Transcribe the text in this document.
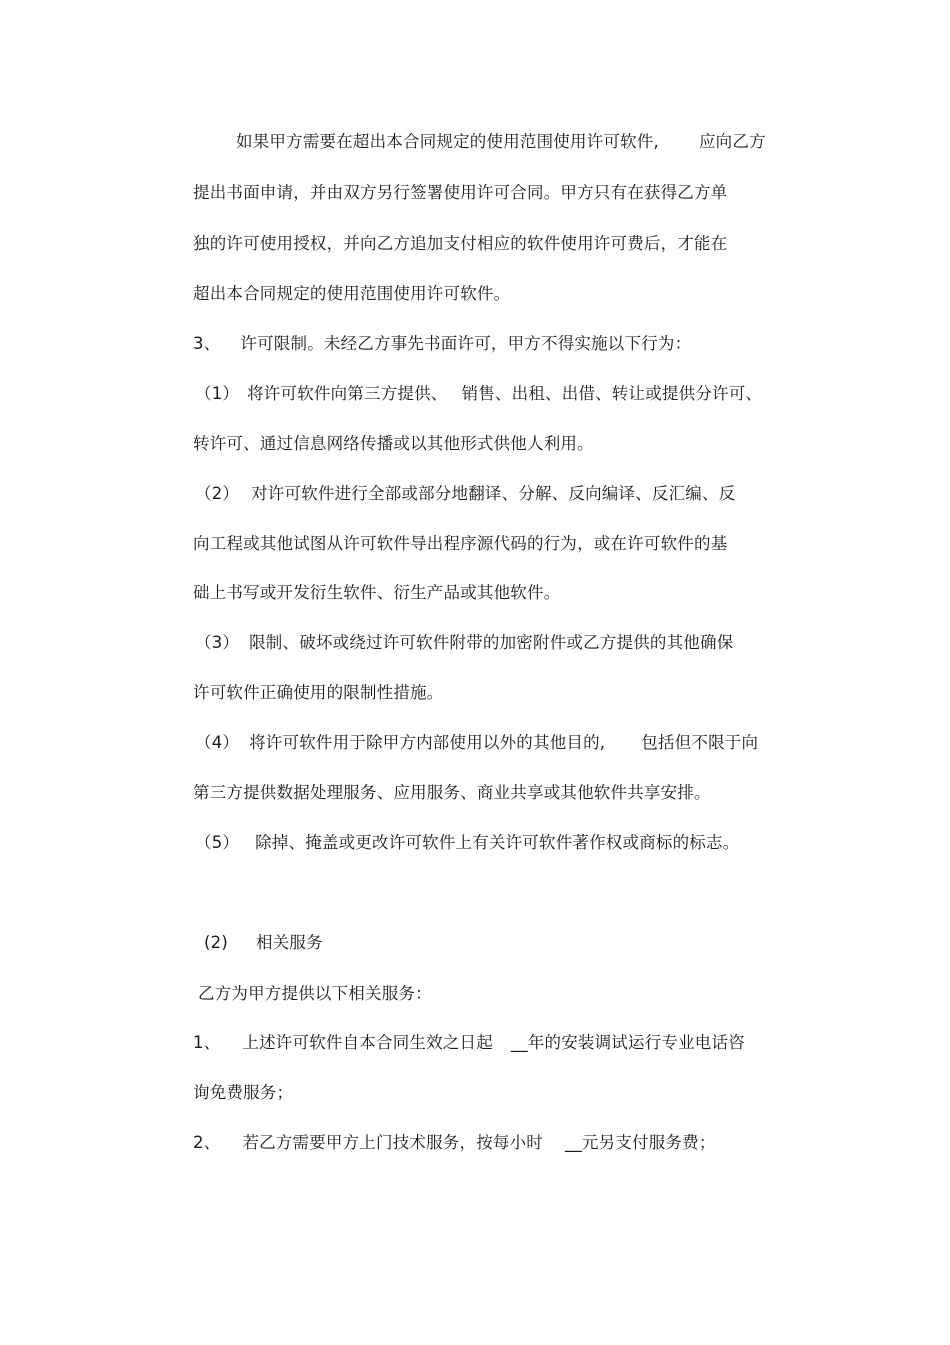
如果甲方需要在超出本合同规定的使用范围使用许可软件, 应向乙方
提出书面申请，并由双方另行签署使用许可合同。甲方只有在获得乙方单
独的许可使用授权，并向乙方追加支付相应的软件使用许可费后，才能在
超出本合同规定的使用范围使用许可软件。
3、 许可限制。未经乙方事先书面许可，甲方不得实施以下行为：
（1） 将许可软件向第三方提供、 销售、出租、出借、转让或提供分许可、
转许可、通过信息网络传播或以其他形式供他人利用。
（2） 对许可软件进行全部或部分地翻译、分解、反向编译、反汇编、反
向工程或其他试图从许可软件导出程序源代码的行为，或在许可软件的基
础上书写或开发衍生软件、衍生产品或其他软件。
（3） 限制、破坏或绕过许可软件附带的加密附件或乙方提供的其他确保
许可软件正确使用的限制性措施。
（4） 将许可软件用于除甲方内部使用以外的其他目的, 包括但不限于向
第三方提供数据处理服务、应用服务、商业共享或其他软件共享安排。
（5） 除掉、掩盖或更改许可软件上有关许可软件著作权或商标的标志。
(2) 相关服务
乙方为甲方提供以下相关服务：
1、 上述许可软件自本合同生效之日起 __年的安装调试运行专业电话咨
询免费服务；
2、 若乙方需要甲方上门技术服务，按每小时 __元另支付服务费；
